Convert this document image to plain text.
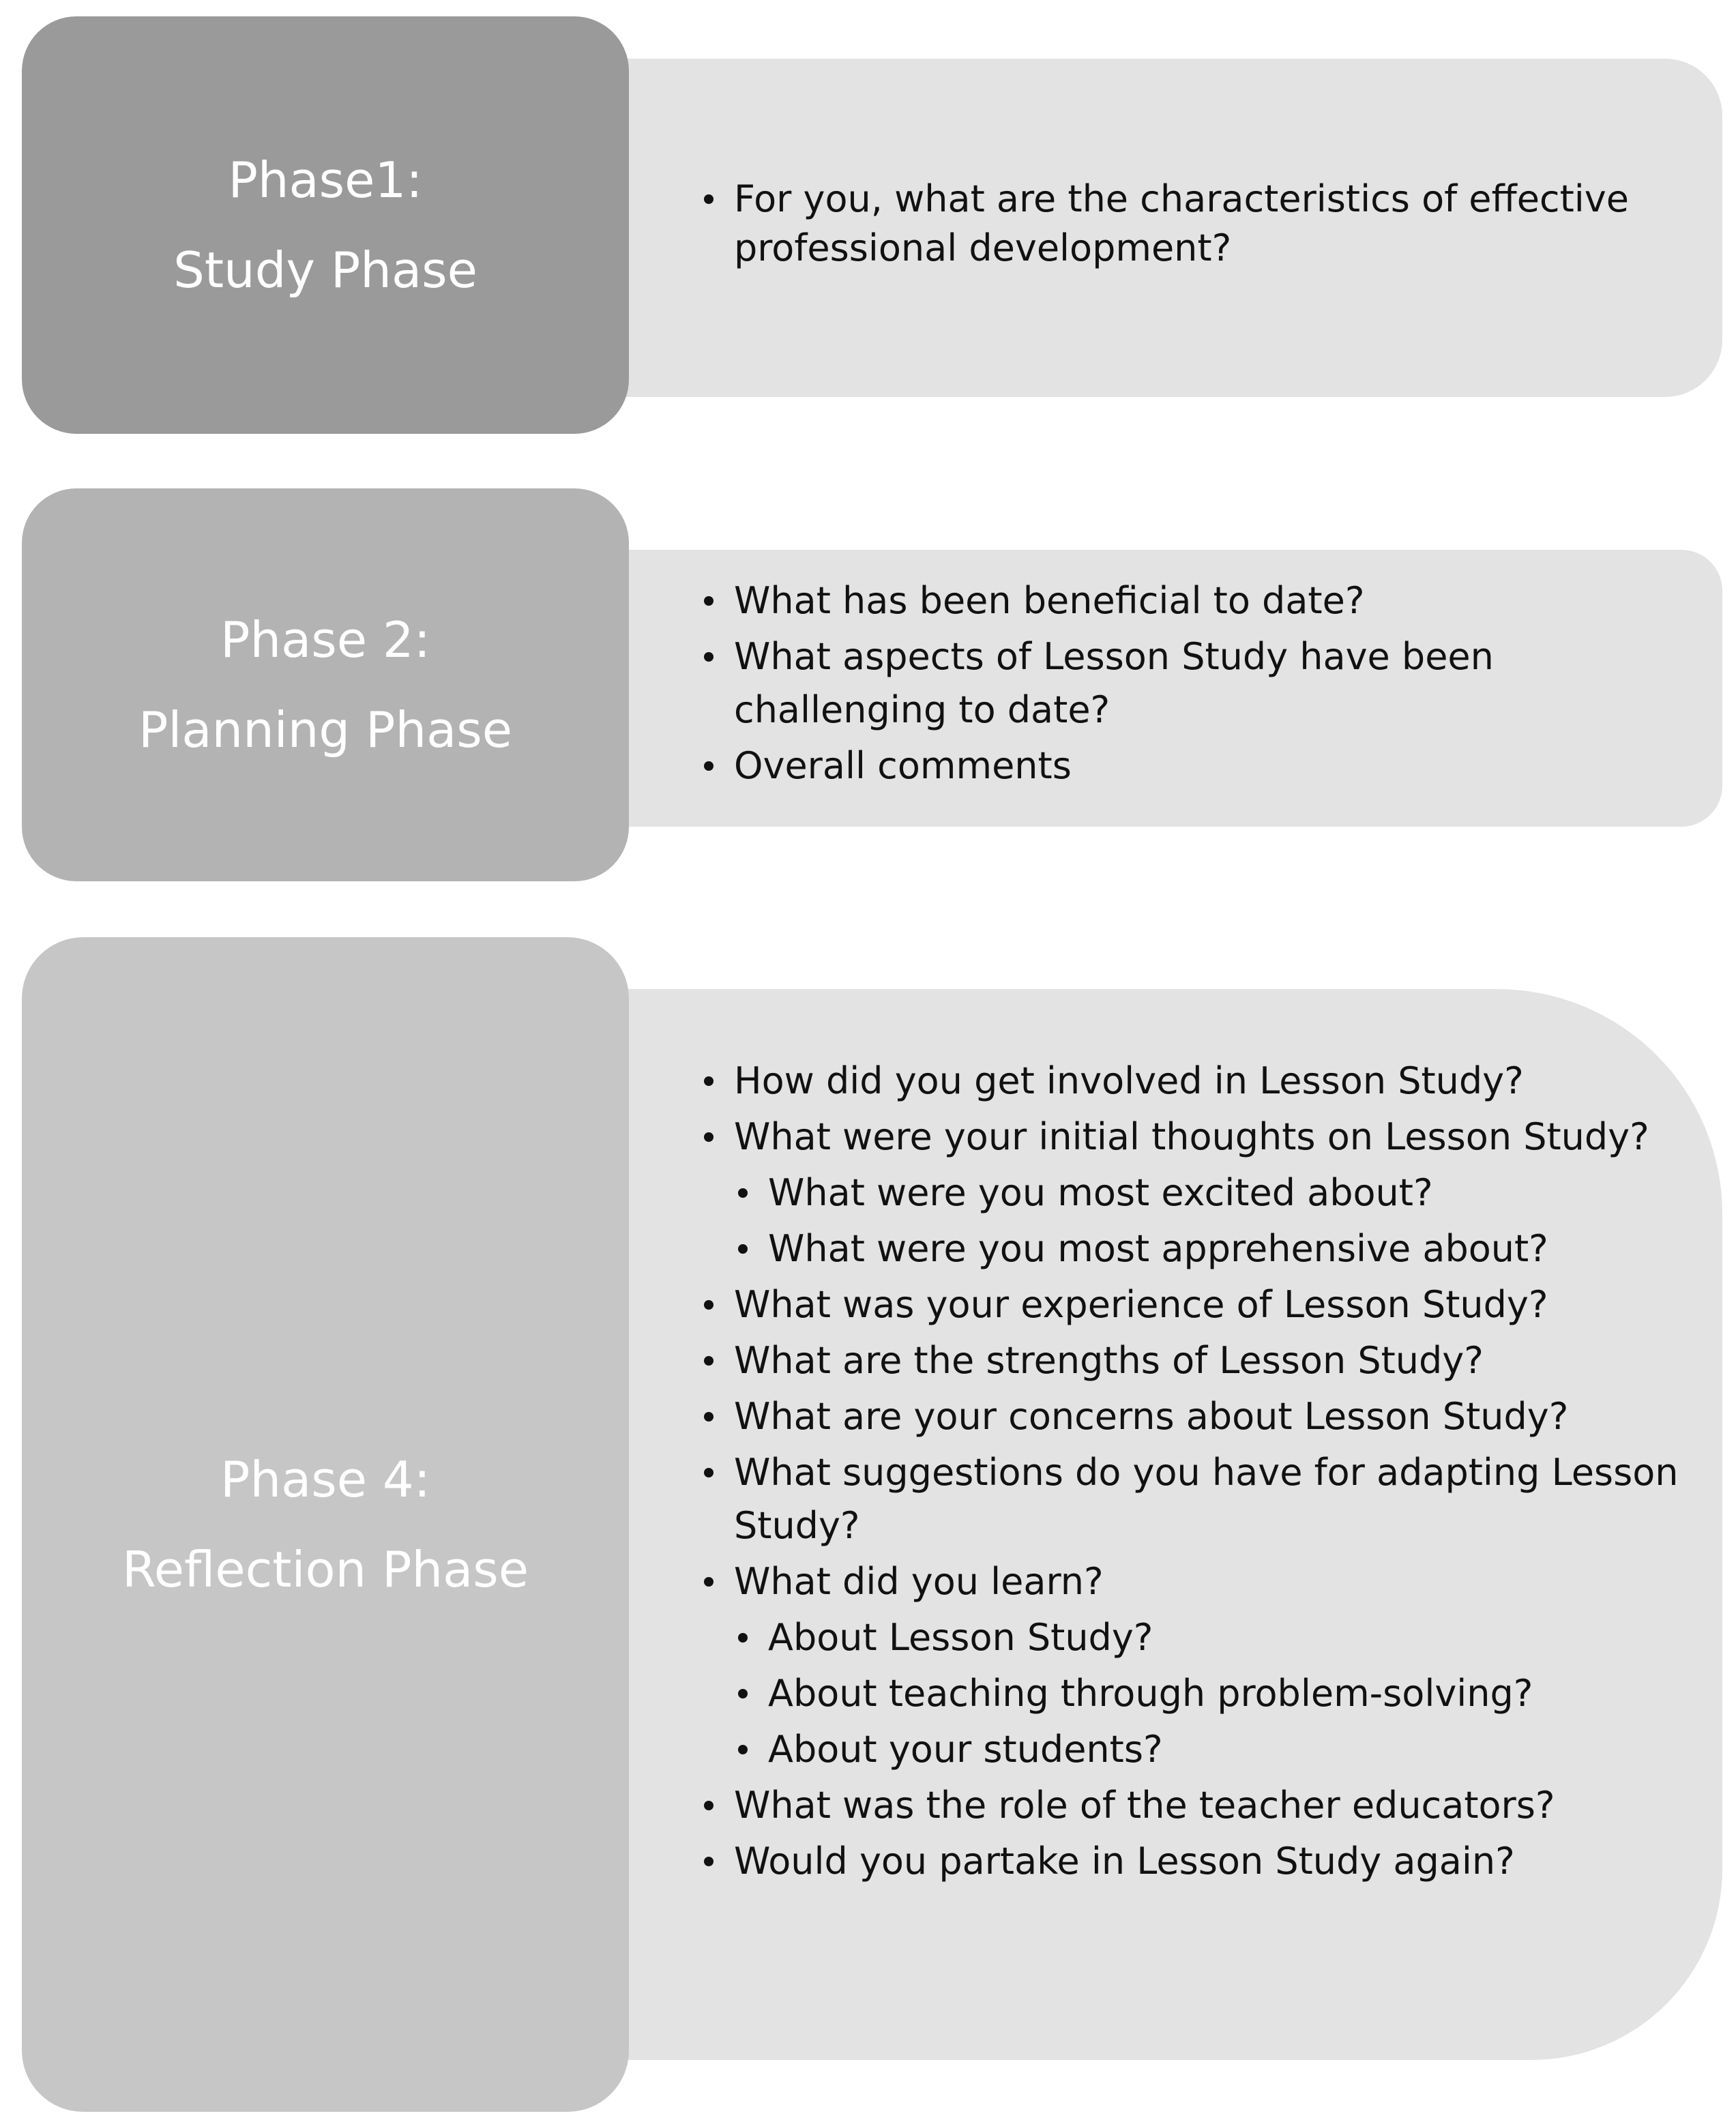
Phase1:
Study Phase
For you, what are the characteristics of effective professional development?
Phase 2:
Planning Phase
What has been beneficial to date?
What aspects of Lesson Study have been challenging to date?
Overall comments
Phase 4:
Reflection Phase
How did you get involved in Lesson Study?
What were your initial thoughts on Lesson Study?
What were you most excited about?
What were you most apprehensive about?
What was your experience of Lesson Study?
What are the strengths of Lesson Study?
What are your concerns about Lesson Study?
What suggestions do you have for adapting Lesson Study?
What did you learn?
About Lesson Study?
About teaching through problem-solving?
About your students?
What was the role of the teacher educators?
Would you partake in Lesson Study again?
